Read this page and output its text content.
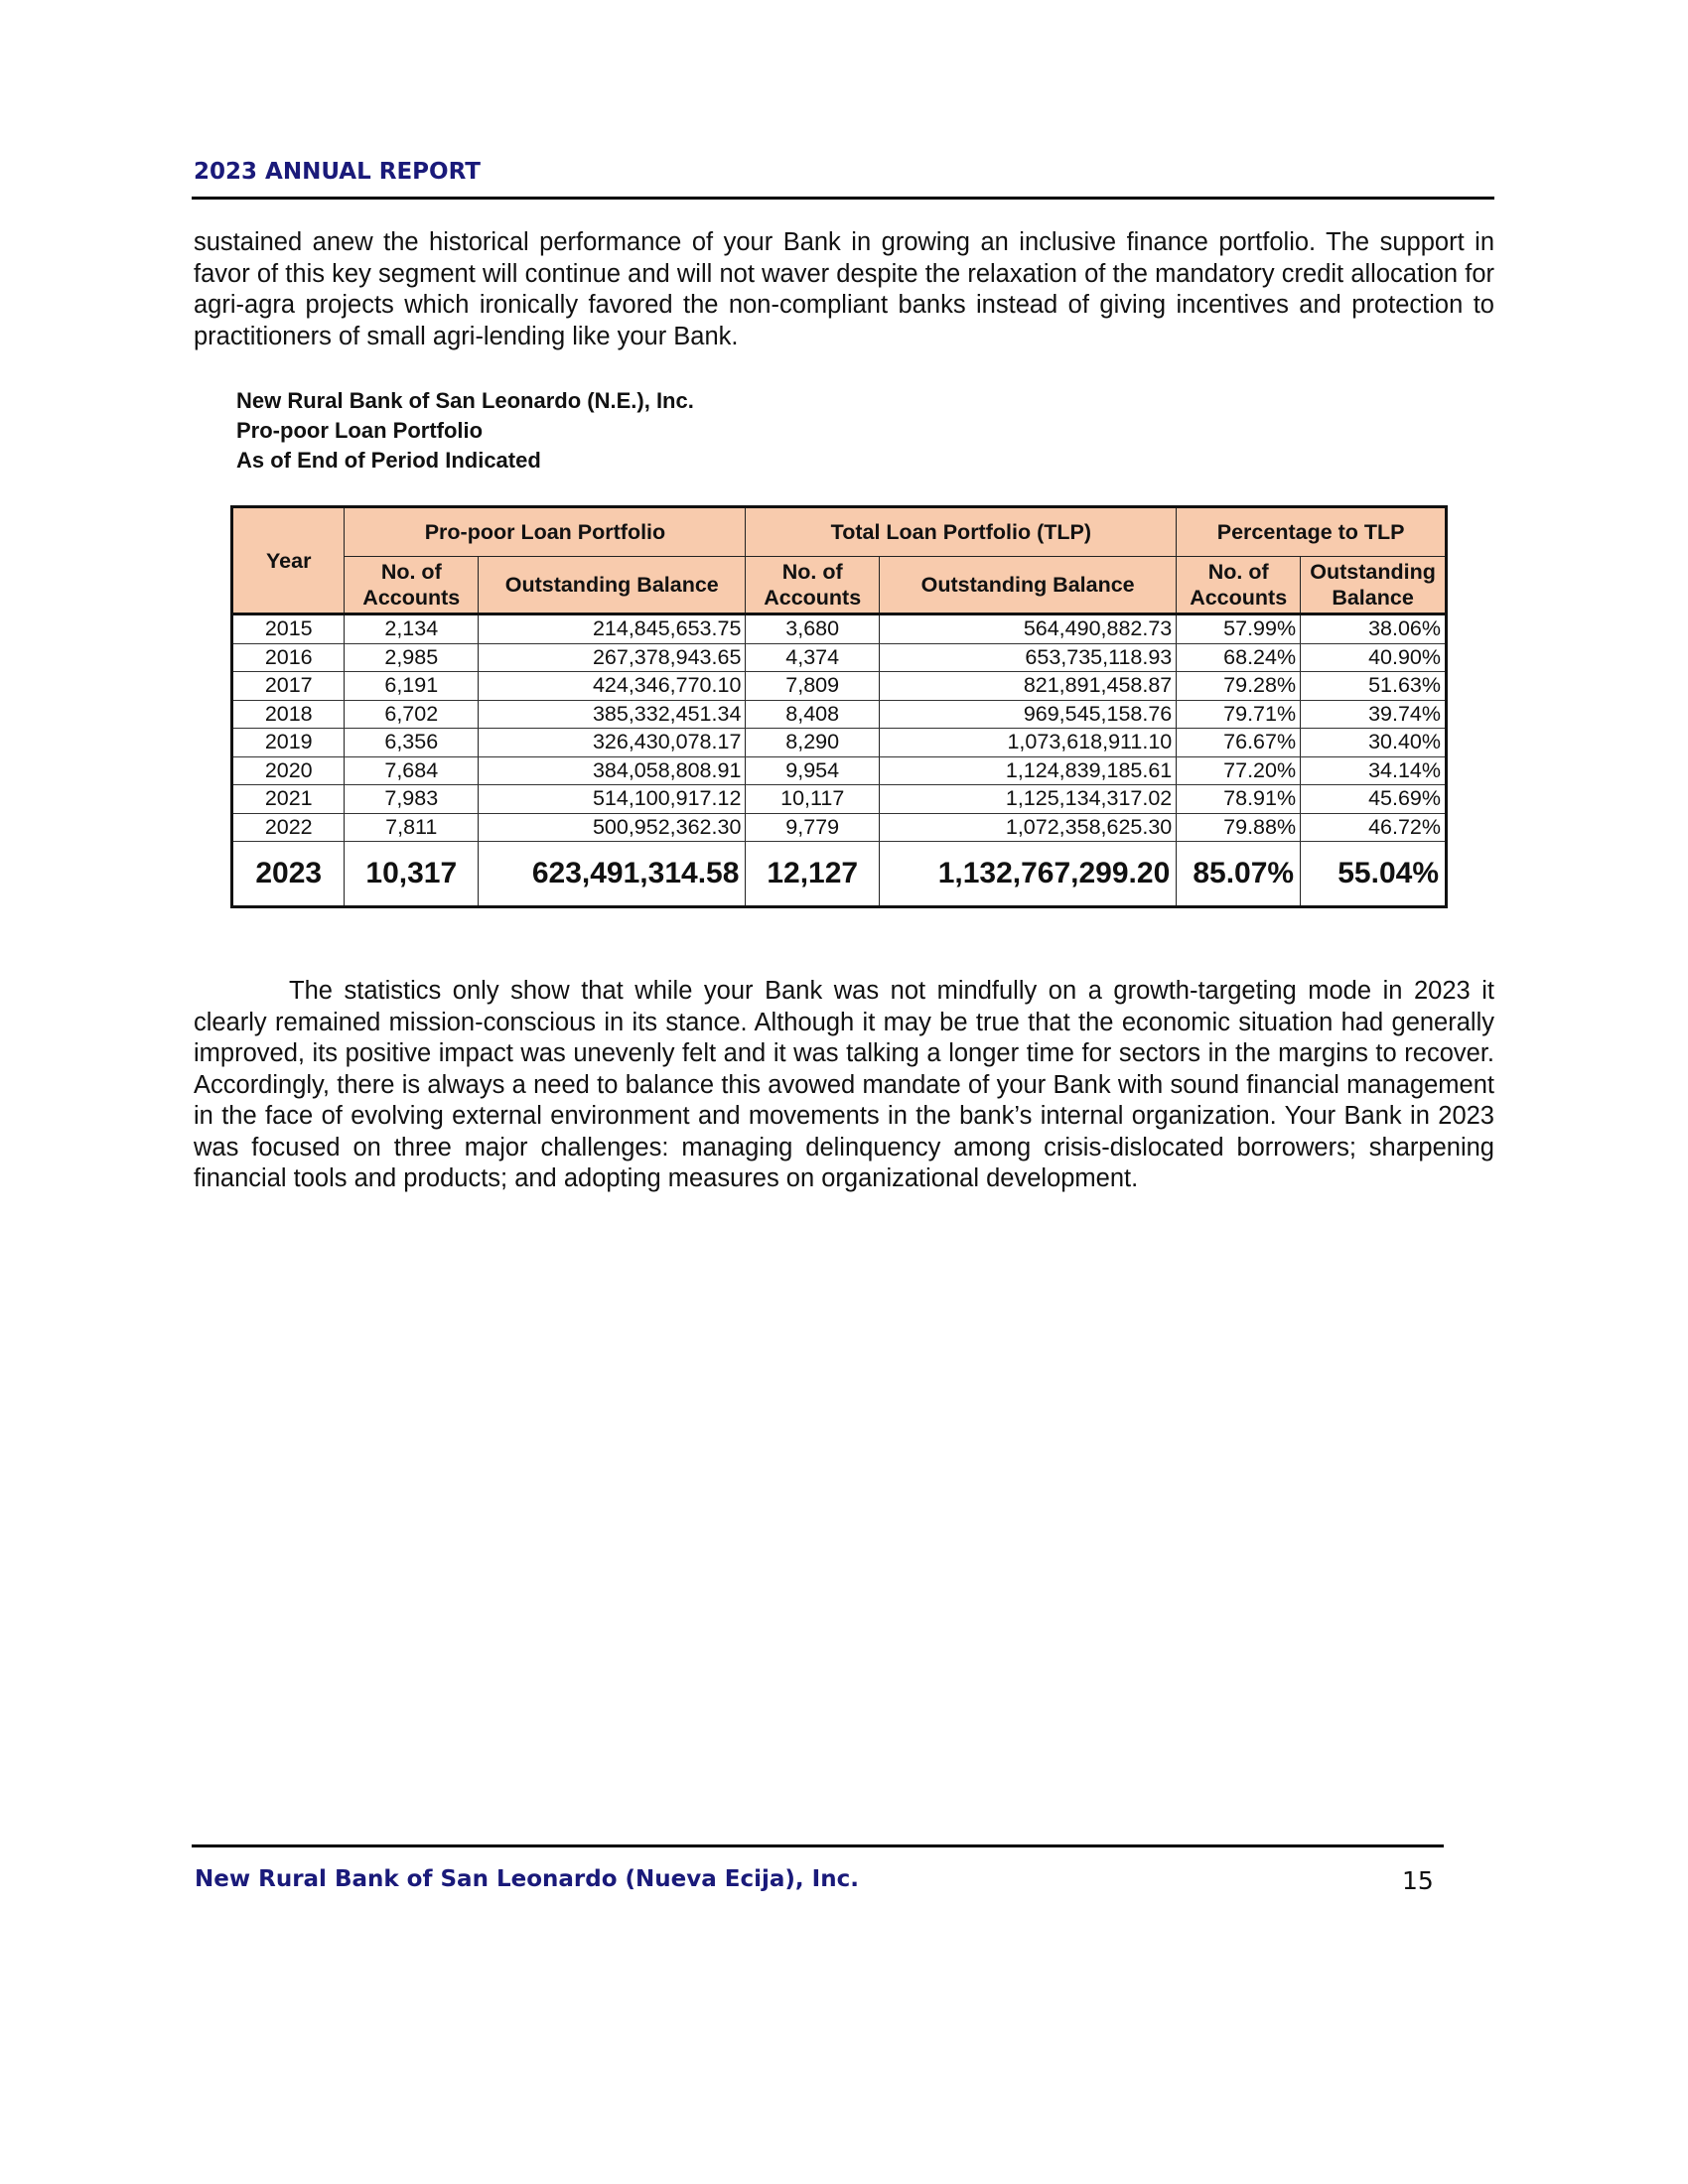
2023 ANNUAL REPORT

sustained anew the historical performance of your Bank in growing an inclusive finance portfolio. The support in favor of this key segment will continue and will not waver despite the relaxation of the mandatory credit allocation for agri-agra projects which ironically favored the non-compliant banks instead of giving incentives and protection to practitioners of small agri-lending like your Bank.

New Rural Bank of San Leonardo (N.E.), Inc.
Pro-poor Loan Portfolio
As of End of Period Indicated
Year	Pro-poor Loan Portfolio		Total Loan Portfolio (TLP)		Percentage to TLP	
	No. of Accounts	Outstanding Balance	No. of Accounts	Outstanding Balance	No. of Accounts	Outstanding Balance
2015	2,134	214,845,653.75	3,680	564,490,882.73	57.99%	38.06%
2016	2,985	267,378,943.65	4,374	653,735,118.93	68.24%	40.90%
2017	6,191	424,346,770.10	7,809	821,891,458.87	79.28%	51.63%
2018	6,702	385,332,451.34	8,408	969,545,158.76	79.71%	39.74%
2019	6,356	326,430,078.17	8,290	1,073,618,911.10	76.67%	30.40%
2020	7,684	384,058,808.91	9,954	1,124,839,185.61	77.20%	34.14%
2021	7,983	514,100,917.12	10,117	1,125,134,317.02	78.91%	45.69%
2022	7,811	500,952,362.30	9,779	1,072,358,625.30	79.88%	46.72%
2023	10,317	623,491,314.58	12,127	1,132,767,299.20	85.07%	55.04%

The statistics only show that while your Bank was not mindfully on a growth-targeting mode in 2023 it clearly remained mission-conscious in its stance. Although it may be true that the economic situation had generally improved, its positive impact was unevenly felt and it was talking a longer time for sectors in the margins to recover. Accordingly, there is always a need to balance this avowed mandate of your Bank with sound financial management in the face of evolving external environment and movements in the bank’s internal organization. Your Bank in 2023 was focused on three major challenges: managing delinquency among crisis-dislocated borrowers; sharpening financial tools and products; and adopting measures on organizational development.

New Rural Bank of San Leonardo (Nueva Ecija), Inc.	15
